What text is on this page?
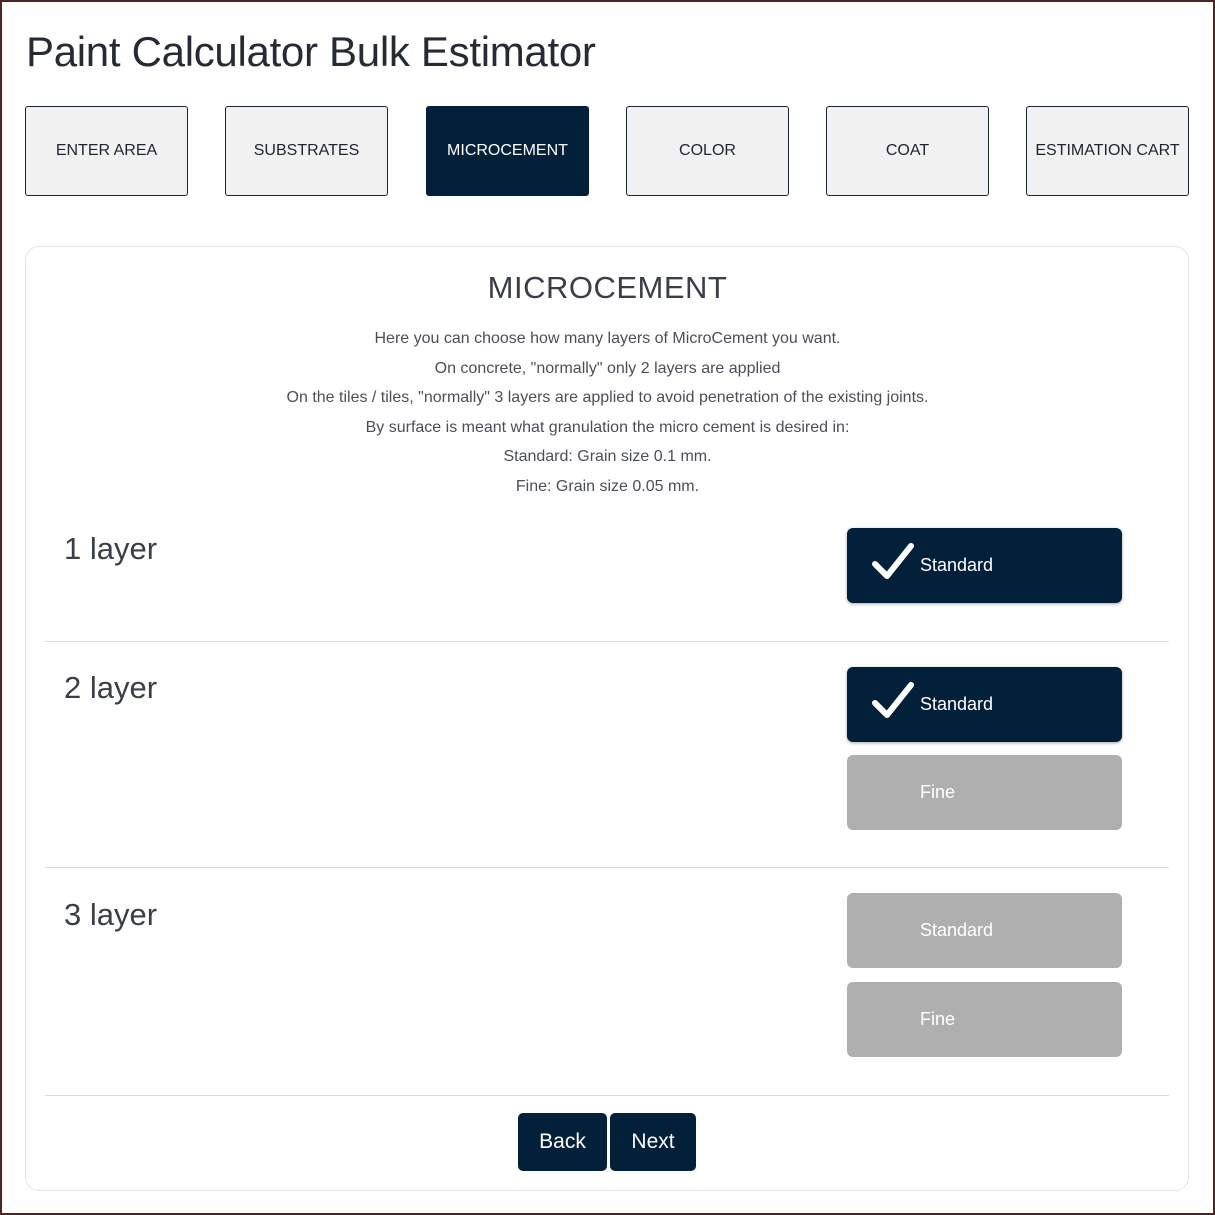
Paint Calculator Bulk Estimator
ENTER AREA	SUBSTRATES	MICROCEMENT	COLOR	COAT	ESTIMATION CART
MICROCEMENT
Here you can choose how many layers of MicroCement you want.
On concrete, "normally" only 2 layers are applied
On the tiles / tiles, "normally" 3 layers are applied to avoid penetration of the existing joints.
By surface is meant what granulation the micro cement is desired in:
Standard: Grain size 0.1 mm.
Fine: Grain size 0.05 mm.
1 layer	Standard
2 layer	Standard
Fine
3 layer	Standard
Fine
Back	Next
